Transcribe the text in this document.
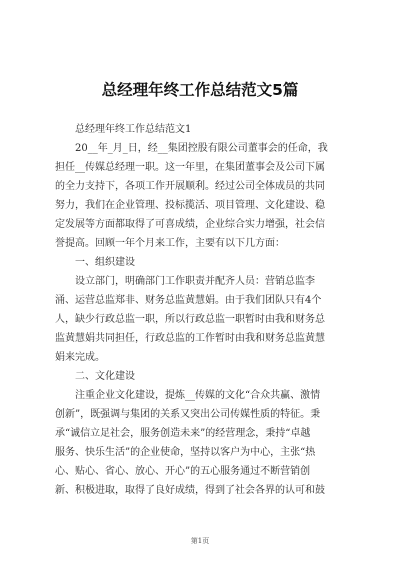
总经理年终工作总结范文5篇
总经理年终工作总结范文1
20__年_月_日，经__集团控股有限公司董事会的任命，我
担任__传媒总经理一职。这一年里，在集团董事会及公司下属
的全力支持下，各项工作开展顺利。经过公司全体成员的共同
努力，我们在企业管理、投标揽活、项目管理、文化建设、稳
定发展等方面都取得了可喜成绩，企业综合实力增强，社会信
誉提高。回顾一年个月来工作，主要有以下几方面：
一、组织建设
设立部门，明确部门工作职责并配齐人员：营销总监李
涌、运营总监郑非、财务总监黄慧娟。由于我们团队只有4个
人，缺少行政总监一职，所以行政总监一职暂时由我和财务总
监黄慧娟共同担任，行政总监的工作暂时由我和财务总监黄慧
娟来完成。
二、文化建设
注重企业文化建设，提炼__传媒的文化“合众共赢、激情
创新”，既强调与集团的关系又突出公司传媒性质的特征。秉
承“诚信立足社会，服务创造未来”的经营理念，秉持“卓越
服务、快乐生活”的企业使命，坚持以客户为中心，主张“热
心、贴心、省心、放心、开心”的五心服务通过不断营销创
新、积极进取，取得了良好成绩，得到了社会各界的认可和鼓
第1页
